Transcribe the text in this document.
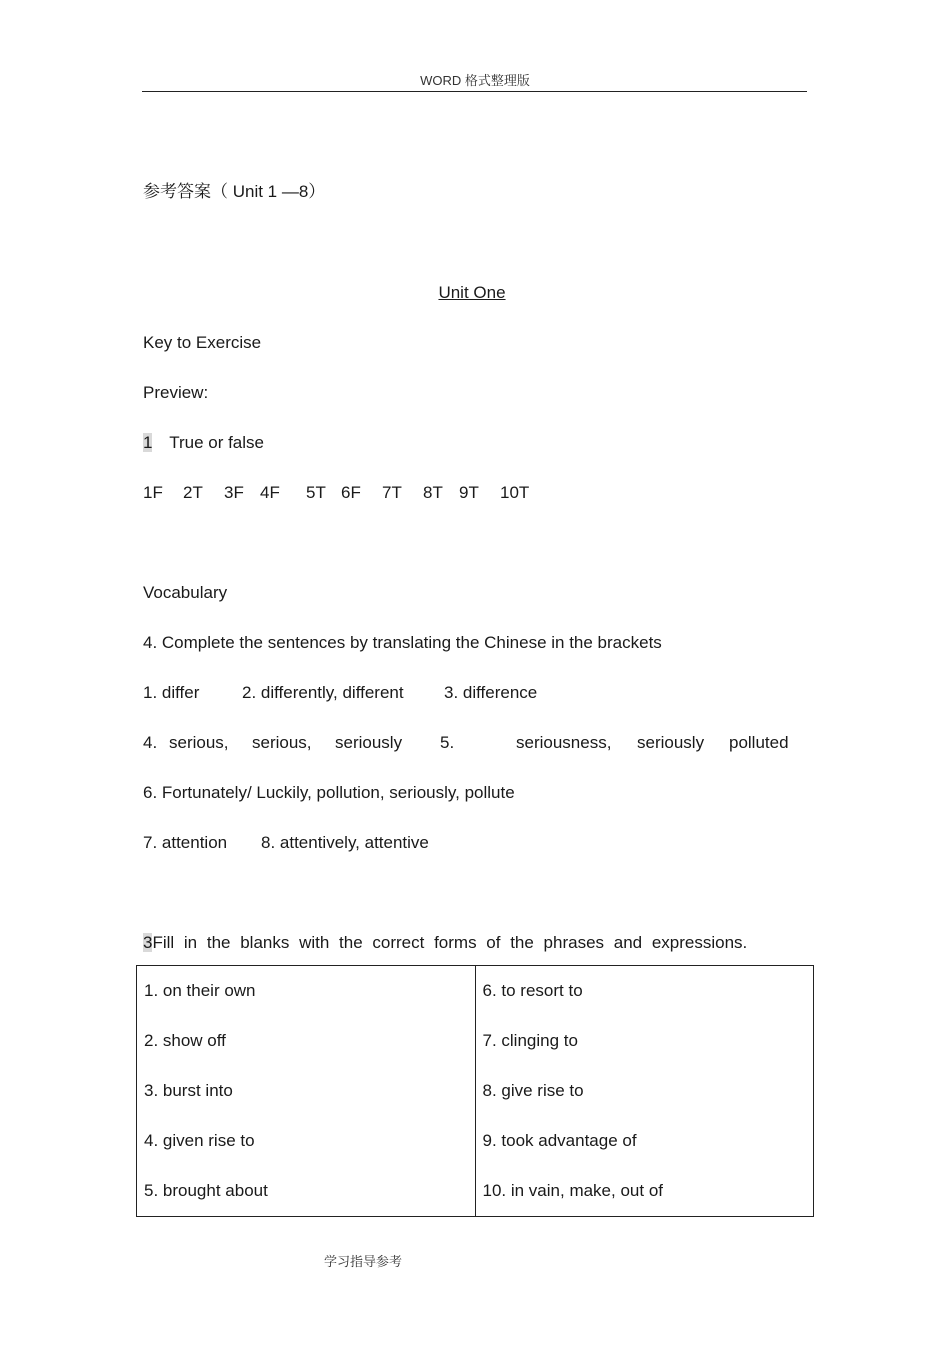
WORD 格式整理版
参考答案（ Unit 1 —8）
Unit One
Key to Exercise
Preview:
1 True or false
1F 2T 3F 4F 5T 6F 7T 8T 9T 10T
Vocabulary
4. Complete the sentences by translating the Chinese in the brackets
1. differ	2. differently, different 3. difference
4. serious, serious, seriously 5.	seriousness, seriously polluted
6. Fortunately/ Luckily, pollution, seriously, pollute
7. attention 8. attentively, attentive
3Fill in the blanks with the correct forms of the phrases and expressions.
1. on their own	6. to resort to
2. show off	7. clinging to
3. burst into	8. give rise to
4. given rise to	9. took advantage of
5. brought about	10. in vain, make, out of
学习指导参考
